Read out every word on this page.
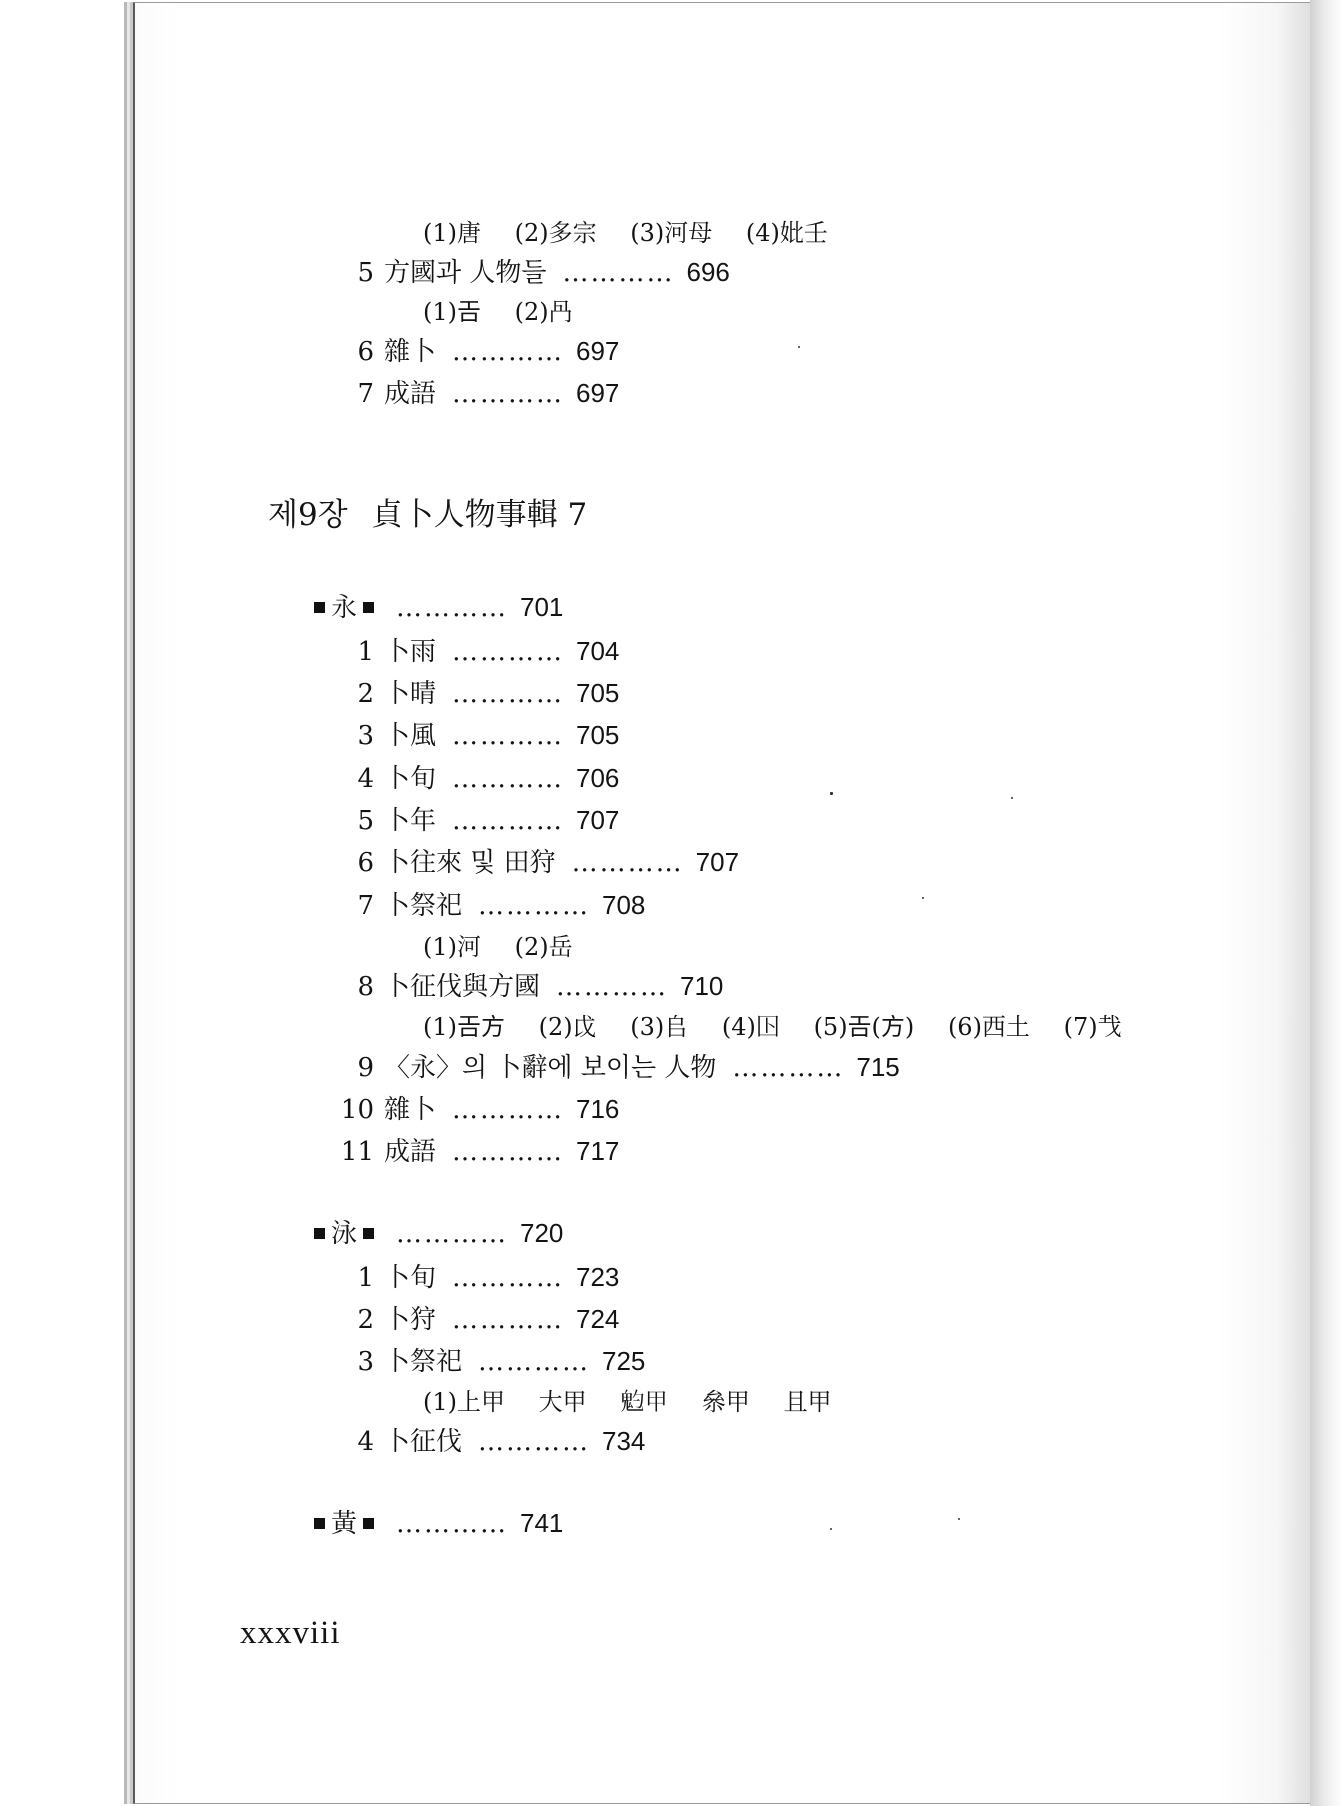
(1)唐 (2)多宗 (3)河母 (4)妣壬
5 方國과 人物들 ………… 696
(1)𢀛 (2)冎
6 雜卜 ………… 697
7 成語 ………… 697
제9장 貞卜人物事輯 7
永 ………… 701
1 卜雨 ………… 704
2 卜晴 ………… 705
3 卜風 ………… 705
4 卜旬 ………… 706
5 卜年 ………… 707
6 卜往來 및 田狩 ………… 707
7 卜祭祀 ………… 708
(1)河 (2)岳
8 卜征伐與方國 ………… 710
(1)𢀛方 (2)戉 (3)𠂤 (4)𡆥 (5)𢀛(方) (6)西土 (7)𢦏
9 〈永〉의 卜辭에 보이는 人物 ………… 715
10 雜卜 ………… 716
11 成語 ………… 717
泳 ………… 720
1 卜旬 ………… 723
2 卜狩 ………… 724
3 卜祭祀 ………… 725
(1)上甲 大甲 𩲃甲 㕘甲 且甲
4 卜征伐 ………… 734
黃 ………… 741
xxxviii
